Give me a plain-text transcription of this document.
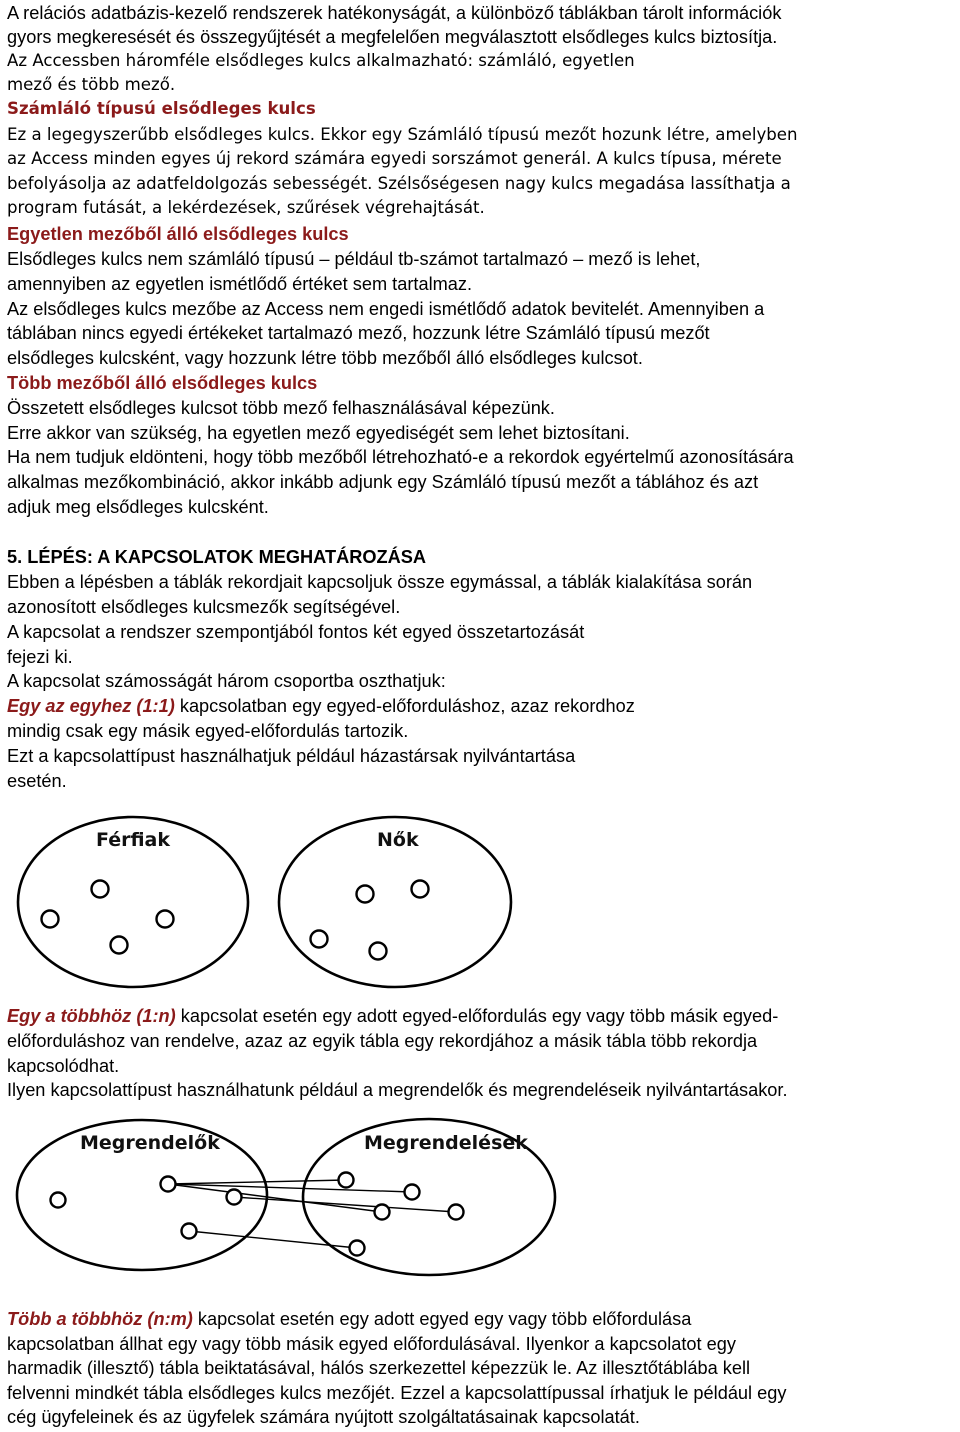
A relációs adatbázis-kezelő rendszerek hatékonyságát, a különböző táblákban tárolt információk
gyors megkeresését és összegyűjtését a megfelelően megválasztott elsődleges kulcs biztosítja.
Az Accessben háromféle elsődleges kulcs alkalmazható: számláló, egyetlen
mező és több mező.
Számláló típusú elsődleges kulcs
Ez a legegyszerűbb elsődleges kulcs. Ekkor egy Számláló típusú mezőt hozunk létre, amelyben
az Access minden egyes új rekord számára egyedi sorszámot generál. A kulcs típusa, mérete
befolyásolja az adatfeldolgozás sebességét. Szélsőségesen nagy kulcs megadása lassíthatja a
program futását, a lekérdezések, szűrések végrehajtását.
Egyetlen mezőből álló elsődleges kulcs
Elsődleges kulcs nem számláló típusú – például tb-számot tartalmazó – mező is lehet,
amennyiben az egyetlen ismétlődő értéket sem tartalmaz.
Az elsődleges kulcs mezőbe az Access nem engedi ismétlődő adatok bevitelét. Amennyiben a
táblában nincs egyedi értékeket tartalmazó mező, hozzunk létre Számláló típusú mezőt
elsődleges kulcsként, vagy hozzunk létre több mezőből álló elsődleges kulcsot.
Több mezőből álló elsődleges kulcs
Összetett elsődleges kulcsot több mező felhasználásával képezünk.
Erre akkor van szükség, ha egyetlen mező egyediségét sem lehet biztosítani.
Ha nem tudjuk eldönteni, hogy több mezőből létrehozható-e a rekordok egyértelmű azonosítására
alkalmas mezőkombináció, akkor inkább adjunk egy Számláló típusú mezőt a táblához és azt
adjuk meg elsődleges kulcsként.
5. LÉPÉS: A KAPCSOLATOK MEGHATÁROZÁSA
Ebben a lépésben a táblák rekordjait kapcsoljuk össze egymással, a táblák kialakítása során
azonosított elsődleges kulcsmezők segítségével.
A kapcsolat a rendszer szempontjából fontos két egyed összetartozását
fejezi ki.
A kapcsolat számosságát három csoportba oszthatjuk:
Egy az egyhez (1:1) kapcsolatban egy egyed-előforduláshoz, azaz rekordhoz
mindig csak egy másik egyed-előfordulás tartozik.
Ezt a kapcsolattípust használhatjuk például házastársak nyilvántartása
esetén.
Férfiak	Nők
Egy a többhöz (1:n) kapcsolat esetén egy adott egyed-előfordulás egy vagy több másik egyed-
előforduláshoz van rendelve, azaz az egyik tábla egy rekordjához a másik tábla több rekordja
kapcsolódhat.
Ilyen kapcsolattípust használhatunk például a megrendelők és megrendeléseik nyilvántartásakor.
Megrendelők	Megrendelések
Több a többhöz (n:m) kapcsolat esetén egy adott egyed egy vagy több előfordulása
kapcsolatban állhat egy vagy több másik egyed előfordulásával. Ilyenkor a kapcsolatot egy
harmadik (illesztő) tábla beiktatásával, hálós szerkezettel képezzük le. Az illesztőtáblába kell
felvenni mindkét tábla elsődleges kulcs mezőjét. Ezzel a kapcsolattípussal írhatjuk le például egy
cég ügyfeleinek és az ügyfelek számára nyújtott szolgáltatásainak kapcsolatát.
